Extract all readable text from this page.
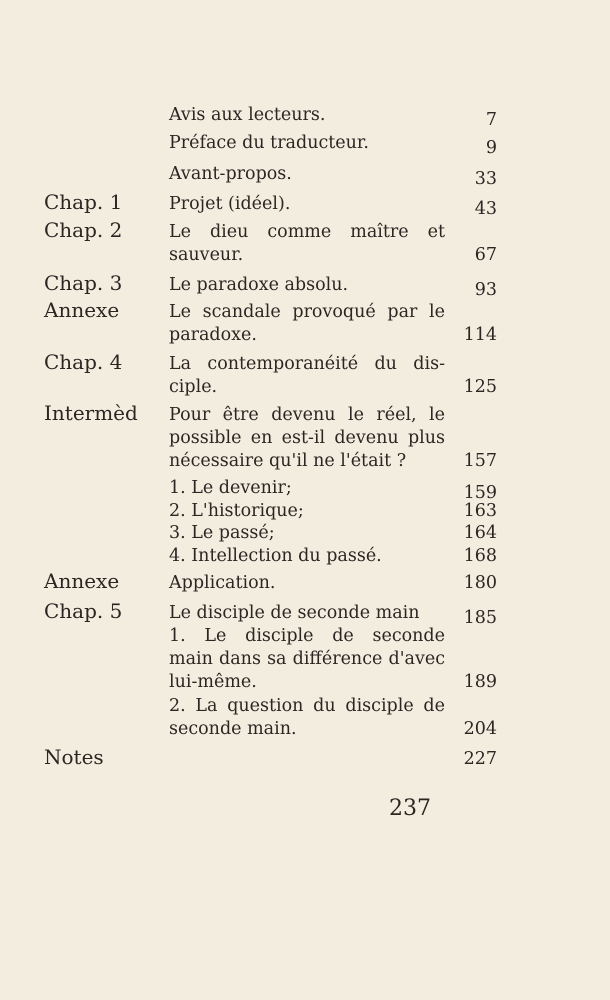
Avis aux lecteurs.	7
Préface du traducteur.	9
Avant-propos.	33
Chap. 1	Projet (idéel).	43
Chap. 2	Le dieu comme maître et
sauveur.	67
Chap. 3	Le paradoxe absolu.	93
Annexe	Le scandale provoqué par le
paradoxe.	114
Chap. 4	La contemporanéité du dis-
ciple.	125
Intermèd	Pour être devenu le réel, le
possible en est-il devenu plus
nécessaire qu'il ne l'était ?	157
1. Le devenir;	159
2. L'historique;	163
3. Le passé;	164
4. Intellection du passé.	168
Annexe	Application.	180
Chap. 5	Le disciple de seconde main	185
1. Le disciple de seconde
main dans sa différence d'avec
lui-même.	189
2. La question du disciple de
seconde main.	204
Notes	227
237
